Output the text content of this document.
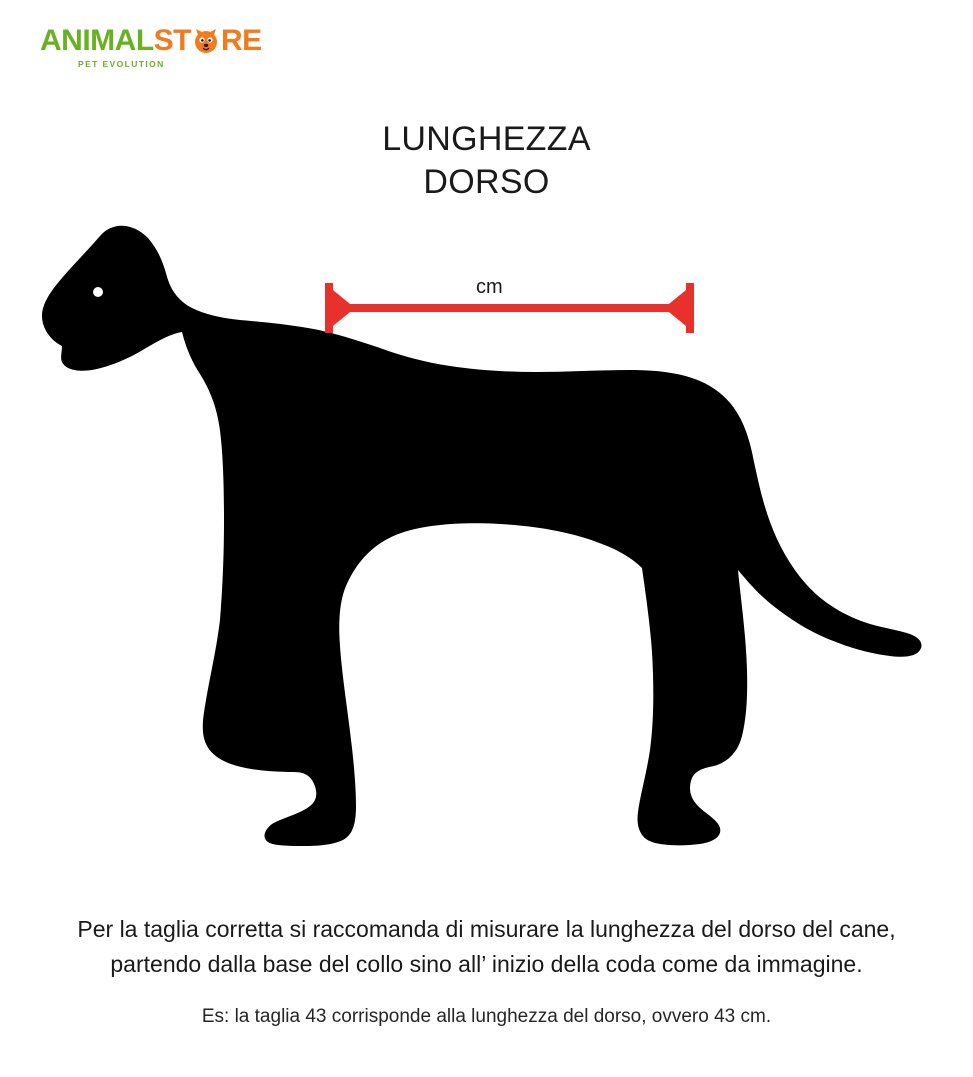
ANIMAL ST RE
PET EVOLUTION
LUNGHEZZA
DORSO
cm
Per la taglia corretta si raccomanda di misurare la lunghezza del dorso del cane,
partendo dalla base del collo sino all’ inizio della coda come da immagine.
Es: la taglia 43 corrisponde alla lunghezza del dorso, ovvero 43 cm.
